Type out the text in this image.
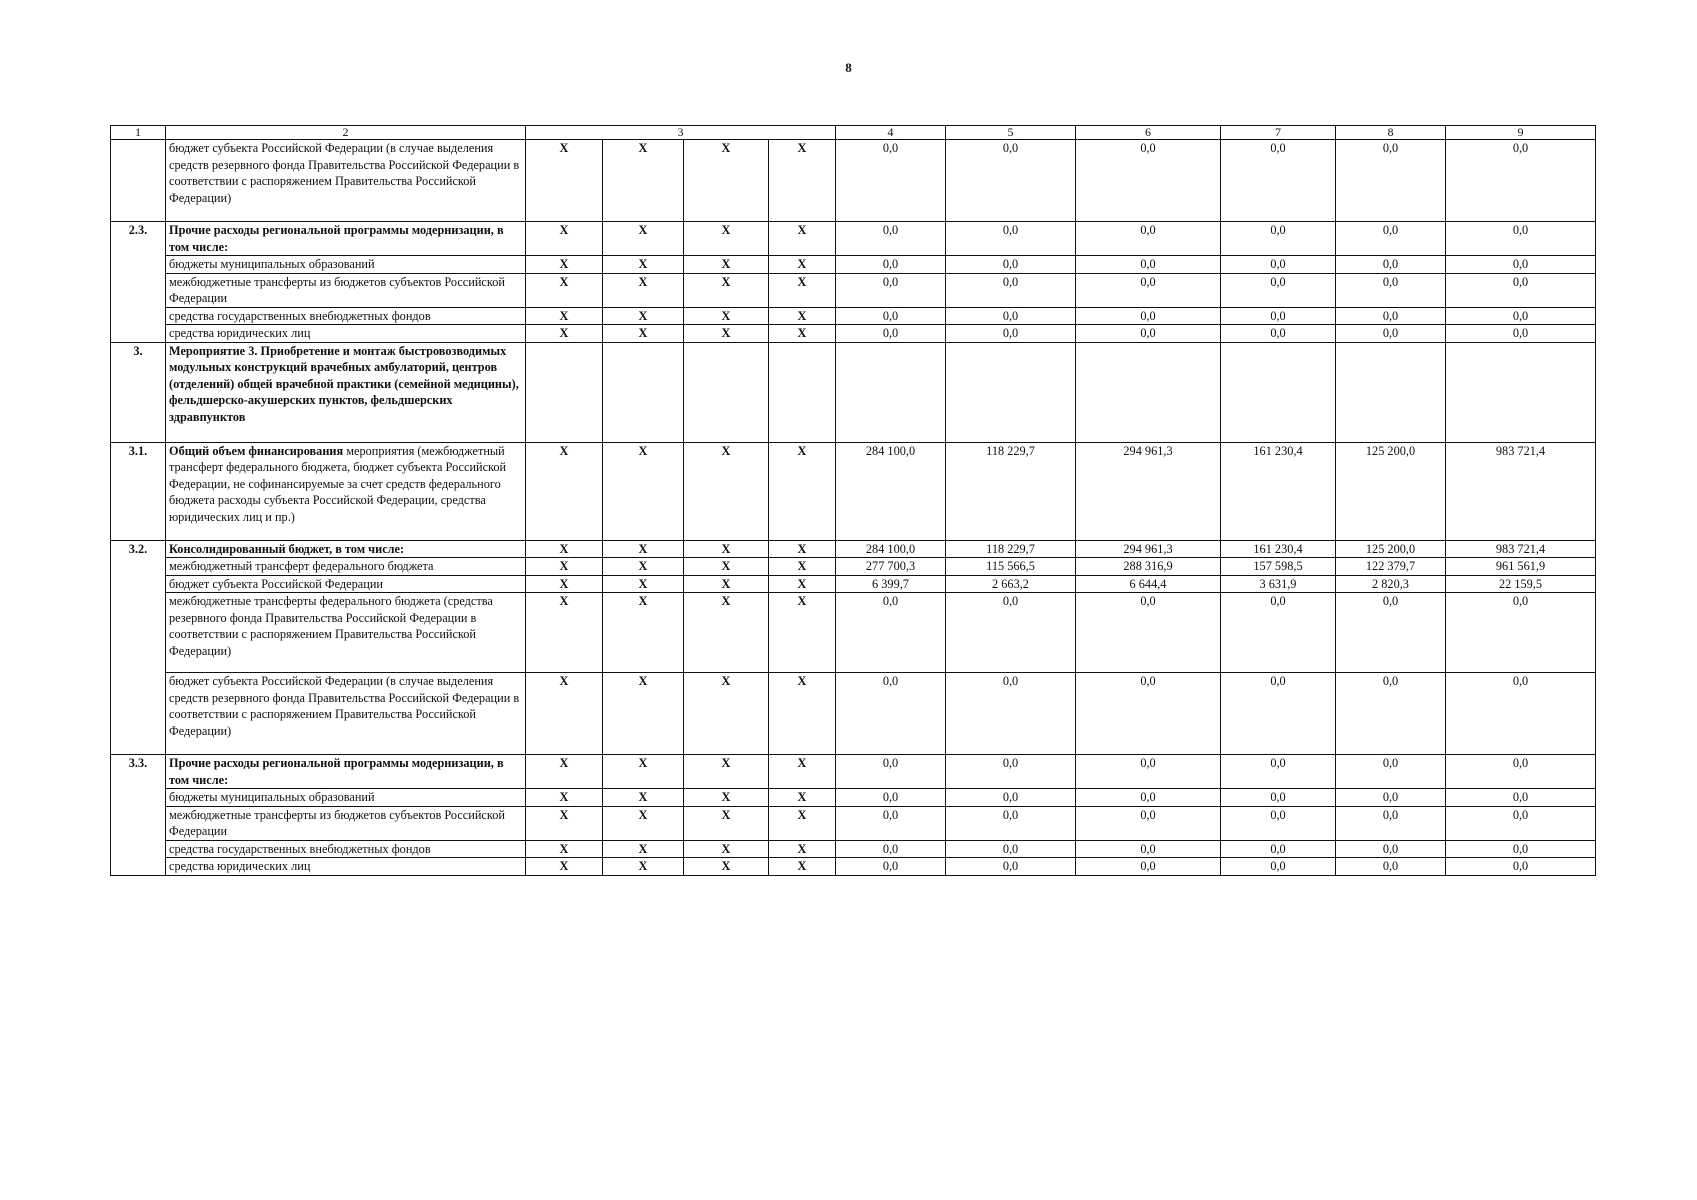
8
1	2	3				4	5	6	7	8	9
	бюджет субъекта Российской Федерации (в случае выделения средств резервного фонда Правительства Российской Федерации в соответствии с распоряжением Правительства Российской Федерации)	X	X	X	X	0,0	0,0	0,0	0,0	0,0	0,0
2.3.	Прочие расходы региональной программы модернизации, в том числе:	X	X	X	X	0,0	0,0	0,0	0,0	0,0	0,0
	бюджеты муниципальных образований	X	X	X	X	0,0	0,0	0,0	0,0	0,0	0,0
	межбюджетные трансферты из бюджетов субъектов Российской Федерации	X	X	X	X	0,0	0,0	0,0	0,0	0,0	0,0
	средства государственных внебюджетных фондов	X	X	X	X	0,0	0,0	0,0	0,0	0,0	0,0
	средства юридических лиц	X	X	X	X	0,0	0,0	0,0	0,0	0,0	0,0
3.	Мероприятие 3. Приобретение и монтаж быстровозводимых модульных конструкций врачебных амбулаторий, центров (отделений) общей врачебной практики (семейной медицины), фельдшерско-акушерских пунктов, фельдшерских здравпунктов										
3.1.	Общий объем финансирования мероприятия (межбюджетный трансферт федерального бюджета, бюджет субъекта Российской Федерации, не софинансируемые за счет средств федерального бюджета расходы субъекта Российской Федерации, средства юридических лиц и пр.)	X	X	X	X	284 100,0	118 229,7	294 961,3	161 230,4	125 200,0	983 721,4
3.2.	Консолидированный бюджет, в том числе:	X	X	X	X	284 100,0	118 229,7	294 961,3	161 230,4	125 200,0	983 721,4
	межбюджетный трансферт федерального бюджета	X	X	X	X	277 700,3	115 566,5	288 316,9	157 598,5	122 379,7	961 561,9
	бюджет субъекта Российской Федерации	X	X	X	X	6 399,7	2 663,2	6 644,4	3 631,9	2 820,3	22 159,5
	межбюджетные трансферты федерального бюджета (средства резервного фонда Правительства Российской Федерации в соответствии с распоряжением Правительства Российской Федерации)	X	X	X	X	0,0	0,0	0,0	0,0	0,0	0,0
	бюджет субъекта Российской Федерации (в случае выделения средств резервного фонда Правительства Российской Федерации в соответствии с распоряжением Правительства Российской Федерации)	X	X	X	X	0,0	0,0	0,0	0,0	0,0	0,0
3.3.	Прочие расходы региональной программы модернизации, в том числе:	X	X	X	X	0,0	0,0	0,0	0,0	0,0	0,0
	бюджеты муниципальных образований	X	X	X	X	0,0	0,0	0,0	0,0	0,0	0,0
	межбюджетные трансферты из бюджетов субъектов Российской Федерации	X	X	X	X	0,0	0,0	0,0	0,0	0,0	0,0
	средства государственных внебюджетных фондов	X	X	X	X	0,0	0,0	0,0	0,0	0,0	0,0
	средства юридических лиц	X	X	X	X	0,0	0,0	0,0	0,0	0,0	0,0
